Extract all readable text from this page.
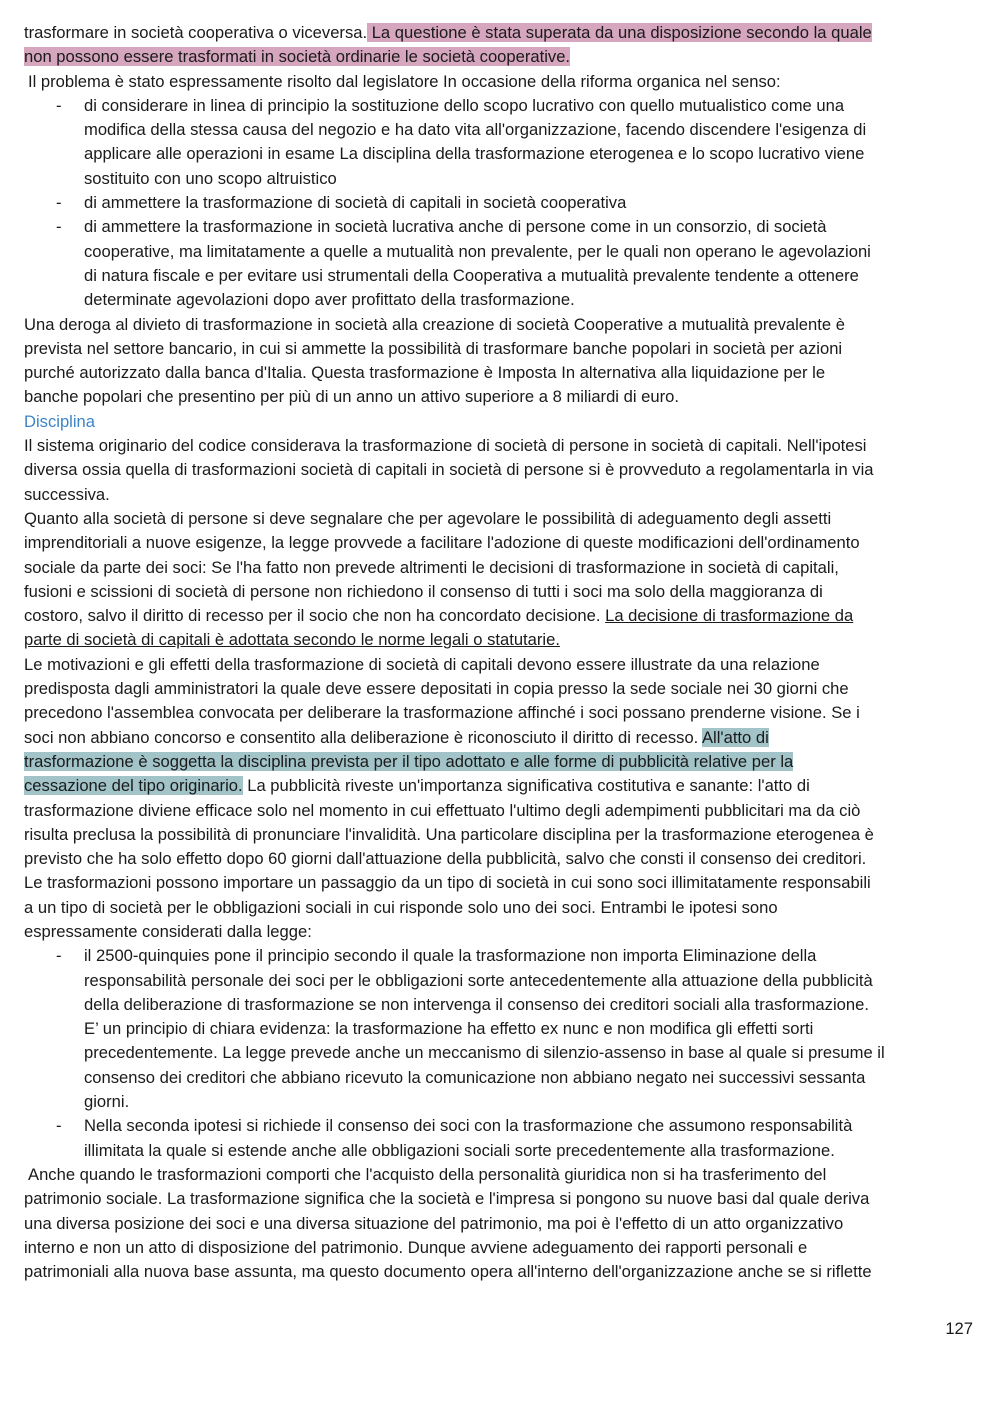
trasformare in società cooperativa o viceversa. La questione è stata superata da una disposizione secondo la quale
non possono essere trasformati in società ordinarie le società cooperative.
Il problema è stato espressamente risolto dal legislatore In occasione della riforma organica nel senso:
- di considerare in linea di principio la sostituzione dello scopo lucrativo con quello mutualistico come una
modifica della stessa causa del negozio e ha dato vita all'organizzazione, facendo discendere l'esigenza di
applicare alle operazioni in esame La disciplina della trasformazione eterogenea e lo scopo lucrativo viene
sostituito con uno scopo altruistico
- di ammettere la trasformazione di società di capitali in società cooperativa
- di ammettere la trasformazione in società lucrativa anche di persone come in un consorzio, di società
cooperative, ma limitatamente a quelle a mutualità non prevalente, per le quali non operano le agevolazioni
di natura fiscale e per evitare usi strumentali della Cooperativa a mutualità prevalente tendente a ottenere
determinate agevolazioni dopo aver profittato della trasformazione.
Una deroga al divieto di trasformazione in società alla creazione di società Cooperative a mutualità prevalente è
prevista nel settore bancario, in cui si ammette la possibilità di trasformare banche popolari in società per azioni
purché autorizzato dalla banca d'Italia. Questa trasformazione è Imposta In alternativa alla liquidazione per le
banche popolari che presentino per più di un anno un attivo superiore a 8 miliardi di euro.
Disciplina
Il sistema originario del codice considerava la trasformazione di società di persone in società di capitali. Nell'ipotesi
diversa ossia quella di trasformazioni società di capitali in società di persone si è provveduto a regolamentarla in via
successiva.
Quanto alla società di persone si deve segnalare che per agevolare le possibilità di adeguamento degli assetti
imprenditoriali a nuove esigenze, la legge provvede a facilitare l'adozione di queste modificazioni dell'ordinamento
sociale da parte dei soci: Se l'ha fatto non prevede altrimenti le decisioni di trasformazione in società di capitali,
fusioni e scissioni di società di persone non richiedono il consenso di tutti i soci ma solo della maggioranza di
costoro, salvo il diritto di recesso per il socio che non ha concordato decisione. La decisione di trasformazione da
parte di società di capitali è adottata secondo le norme legali o statutarie.
Le motivazioni e gli effetti della trasformazione di società di capitali devono essere illustrate da una relazione
predisposta dagli amministratori la quale deve essere depositati in copia presso la sede sociale nei 30 giorni che
precedono l'assemblea convocata per deliberare la trasformazione affinché i soci possano prenderne visione. Se i
soci non abbiano concorso e consentito alla deliberazione è riconosciuto il diritto di recesso. All'atto di
trasformazione è soggetta la disciplina prevista per il tipo adottato e alle forme di pubblicità relative per la
cessazione del tipo originario. La pubblicità riveste un'importanza significativa costitutiva e sanante: l'atto di
trasformazione diviene efficace solo nel momento in cui effettuato l'ultimo degli adempimenti pubblicitari ma da ciò
risulta preclusa la possibilità di pronunciare l'invalidità. Una particolare disciplina per la trasformazione eterogenea è
previsto che ha solo effetto dopo 60 giorni dall'attuazione della pubblicità, salvo che consti il consenso dei creditori.
Le trasformazioni possono importare un passaggio da un tipo di società in cui sono soci illimitatamente responsabili
a un tipo di società per le obbligazioni sociali in cui risponde solo uno dei soci. Entrambi le ipotesi sono
espressamente considerati dalla legge:
- il 2500-quinquies pone il principio secondo il quale la trasformazione non importa Eliminazione della
responsabilità personale dei soci per le obbligazioni sorte antecedentemente alla attuazione della pubblicità
della deliberazione di trasformazione se non intervenga il consenso dei creditori sociali alla trasformazione.
E’ un principio di chiara evidenza: la trasformazione ha effetto ex nunc e non modifica gli effetti sorti
precedentemente. La legge prevede anche un meccanismo di silenzio-assenso in base al quale si presume il
consenso dei creditori che abbiano ricevuto la comunicazione non abbiano negato nei successivi sessanta
giorni.
- Nella seconda ipotesi si richiede il consenso dei soci con la trasformazione che assumono responsabilità
illimitata la quale si estende anche alle obbligazioni sociali sorte precedentemente alla trasformazione.
Anche quando le trasformazioni comporti che l'acquisto della personalità giuridica non si ha trasferimento del
patrimonio sociale. La trasformazione significa che la società e l'impresa si pongono su nuove basi dal quale deriva
una diversa posizione dei soci e una diversa situazione del patrimonio, ma poi è l'effetto di un atto organizzativo
interno e non un atto di disposizione del patrimonio. Dunque avviene adeguamento dei rapporti personali e
patrimoniali alla nuova base assunta, ma questo documento opera all'interno dell'organizzazione anche se si riflette
127
